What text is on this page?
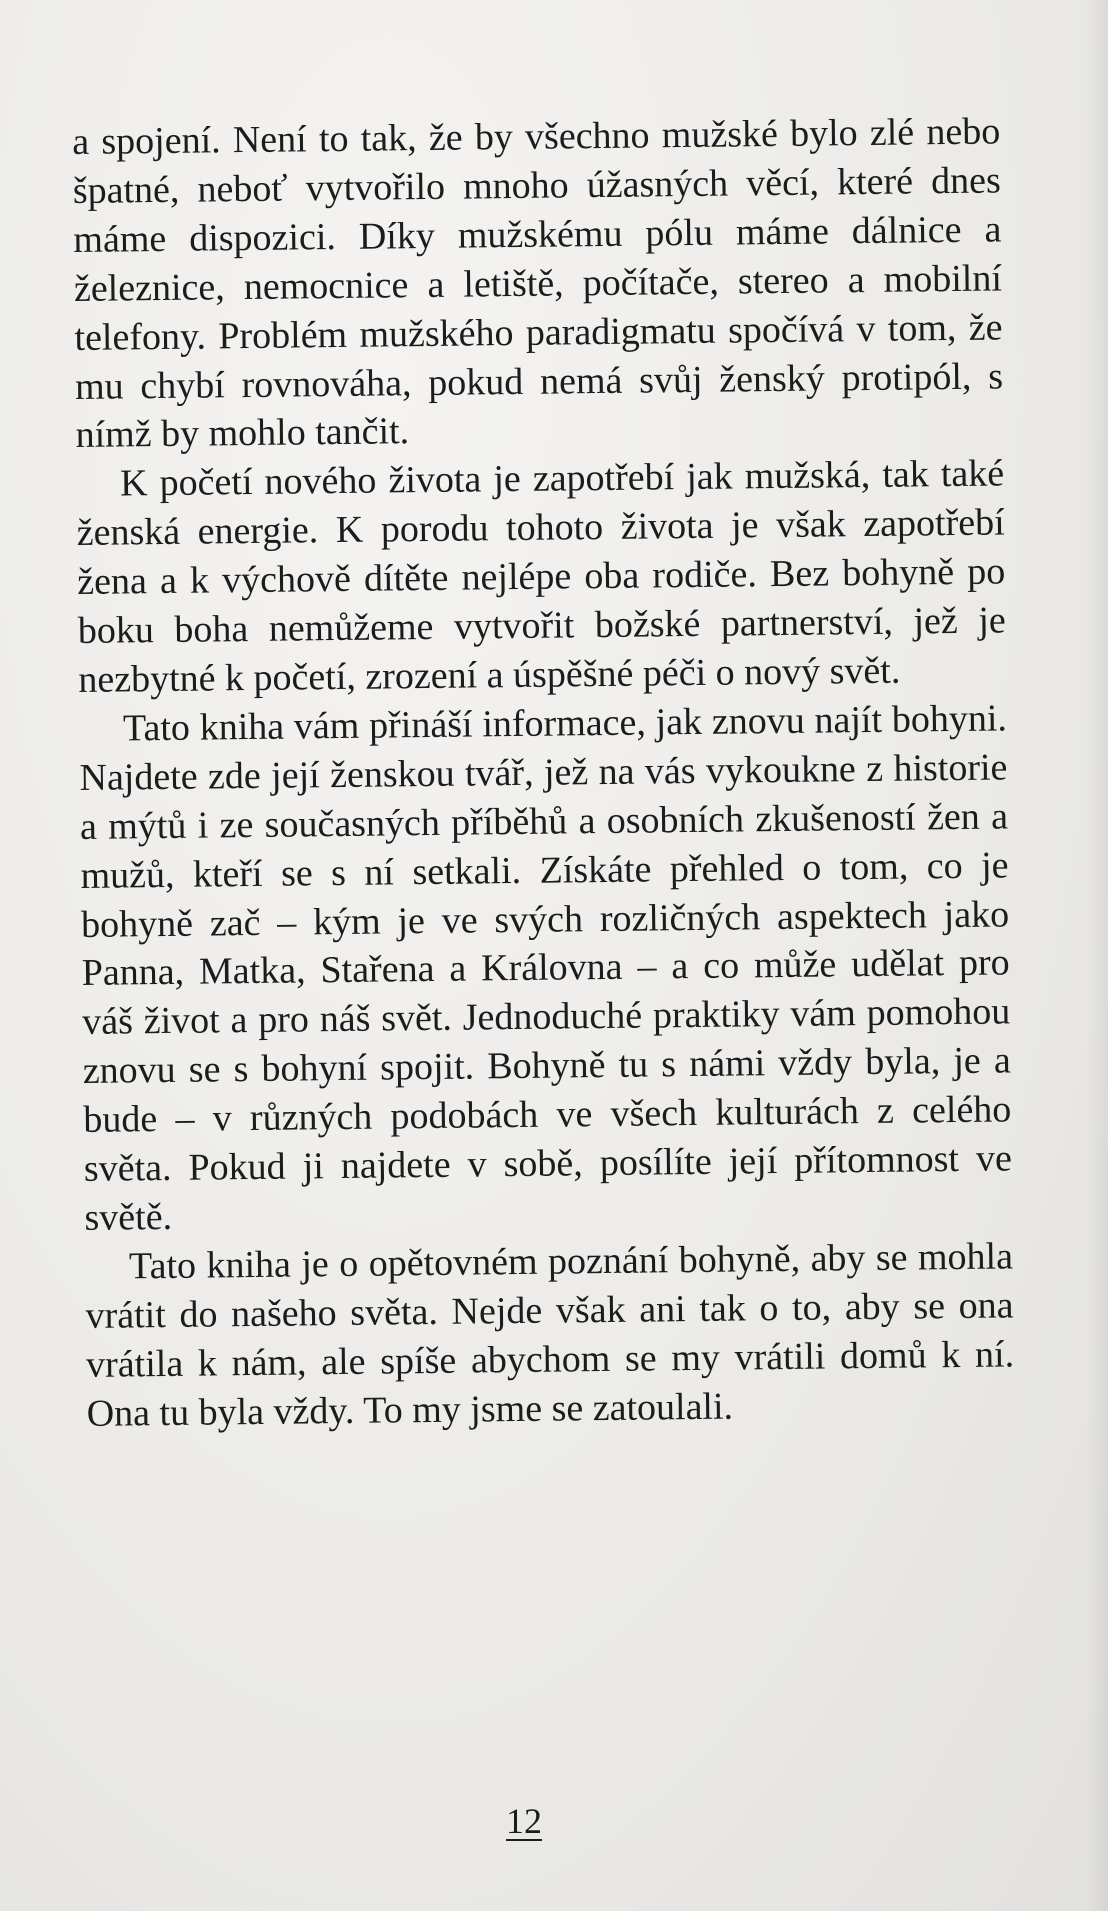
a spojení. Není to tak, že by všechno mužské bylo zlé nebo špatné, neboť vytvořilo mnoho úžasných věcí, které dnes máme dispozici. Díky mužskému pólu máme dálnice a železnice, nemocnice a letiště, počítače, stereo a mobilní telefony. Problém mužského paradigmatu spočívá v tom, že mu chybí rovnováha, pokud nemá svůj ženský protipól, s nímž by mohlo tančit.

K početí nového života je zapotřebí jak mužská, tak také ženská energie. K porodu tohoto života je však zapotřebí žena a k výchově dítěte nejlépe oba rodiče. Bez bohyně po boku boha nemůžeme vytvořit božské partnerství, jež je nezbytné k početí, zrození a úspěšné péči o nový svět.

Tato kniha vám přináší informace, jak znovu najít bohyni. Najdete zde její ženskou tvář, jež na vás vykoukne z historie a mýtů i ze současných příběhů a osobních zkušeností žen a mužů, kteří se s ní setkali. Získáte přehled o tom, co je bohyně zač – kým je ve svých rozličných aspektech jako Panna, Matka, Stařena a Královna – a co může udělat pro váš život a pro náš svět. Jednoduché praktiky vám pomohou znovu se s bohyní spojit. Bohyně tu s námi vždy byla, je a bude – v různých podobách ve všech kulturách z celého světa. Pokud ji najdete v sobě, posílíte její přítomnost ve světě.

Tato kniha je o opětovném poznání bohyně, aby se mohla vrátit do našeho světa. Nejde však ani tak o to, aby se ona vrátila k nám, ale spíše abychom se my vrátili domů k ní. Ona tu byla vždy. To my jsme se zatoulali.

12
